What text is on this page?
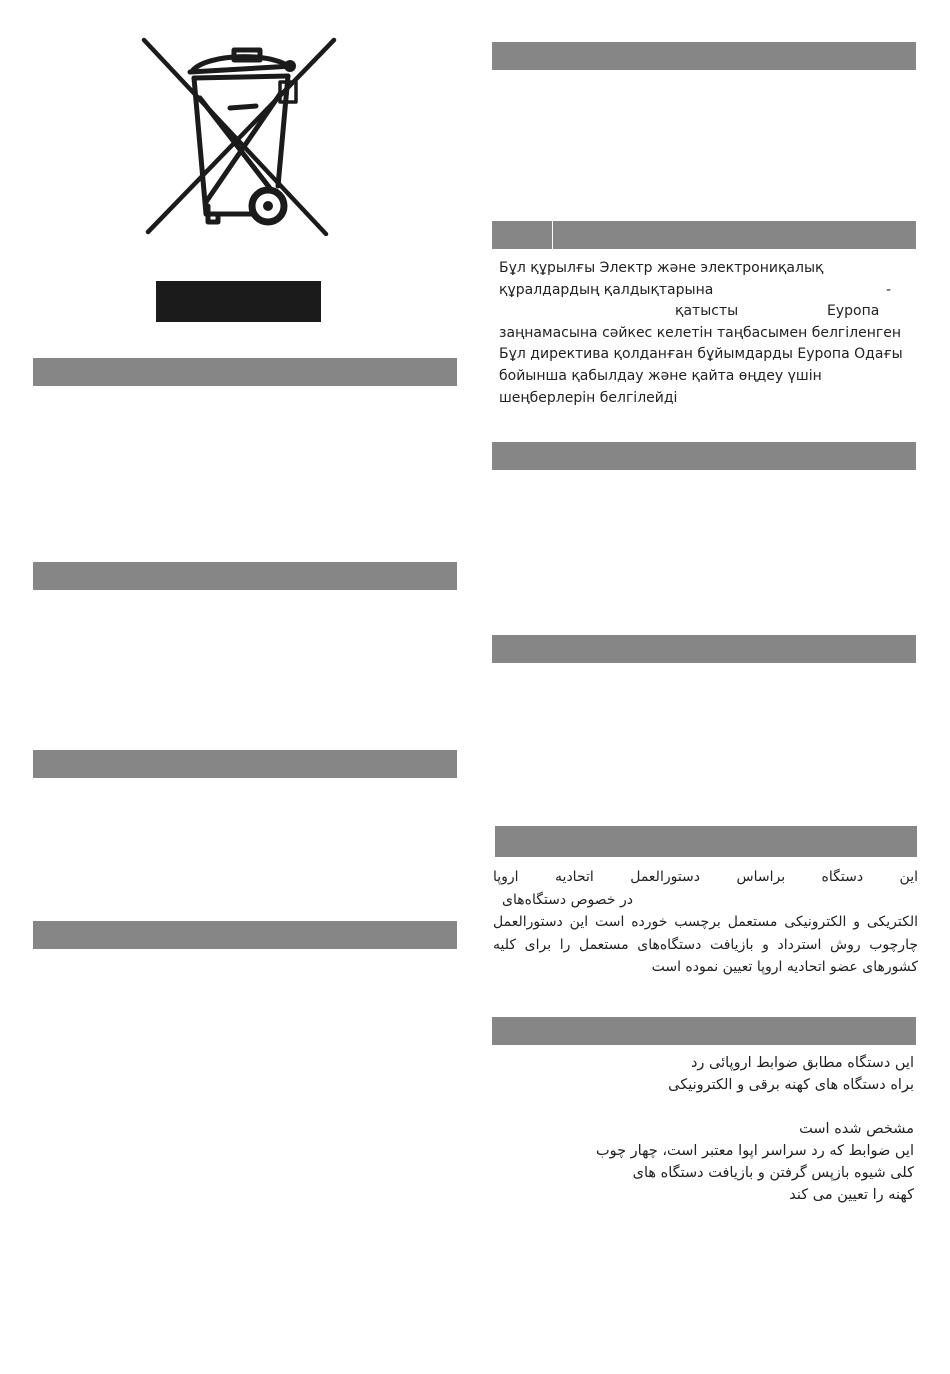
Бұл құрылғы Электр және электрониқалық
құралдардың қалдықтарына	-
қатысты	Еуропа
заңнамасына сәйкес келетін таңбасымен белгіленген
Бұл директива қолданған бұйымдарды Еуропа Одағы
бойынша қабылдау және қайта өңдеу үшін
шеңберлерін белгілейді
این دستگاه براساس دستورالعمل اتحادیه اروپا
در خصوص دستگاه‌های
الکتریکی و الکترونیکی مستعمل برچسب خورده است این دستورالعمل
چارچوب روش استرداد و بازیافت دستگاه‌های مستعمل را برای کلیه
کشورهای عضو اتحادیه اروپا تعیین نموده است
ايں دستگاه مطابق ضوابط اروپائی رد
براه دستگاه های کهنه برقی و الکترونيکی
مشخص شده است
ايں ضوابط که رد سراسر اپوا معتبر است، چهار چوب
کلی شيوه بازپس گرفتن و بازيافت دستگاه های
کهنه را تعيين می کند
